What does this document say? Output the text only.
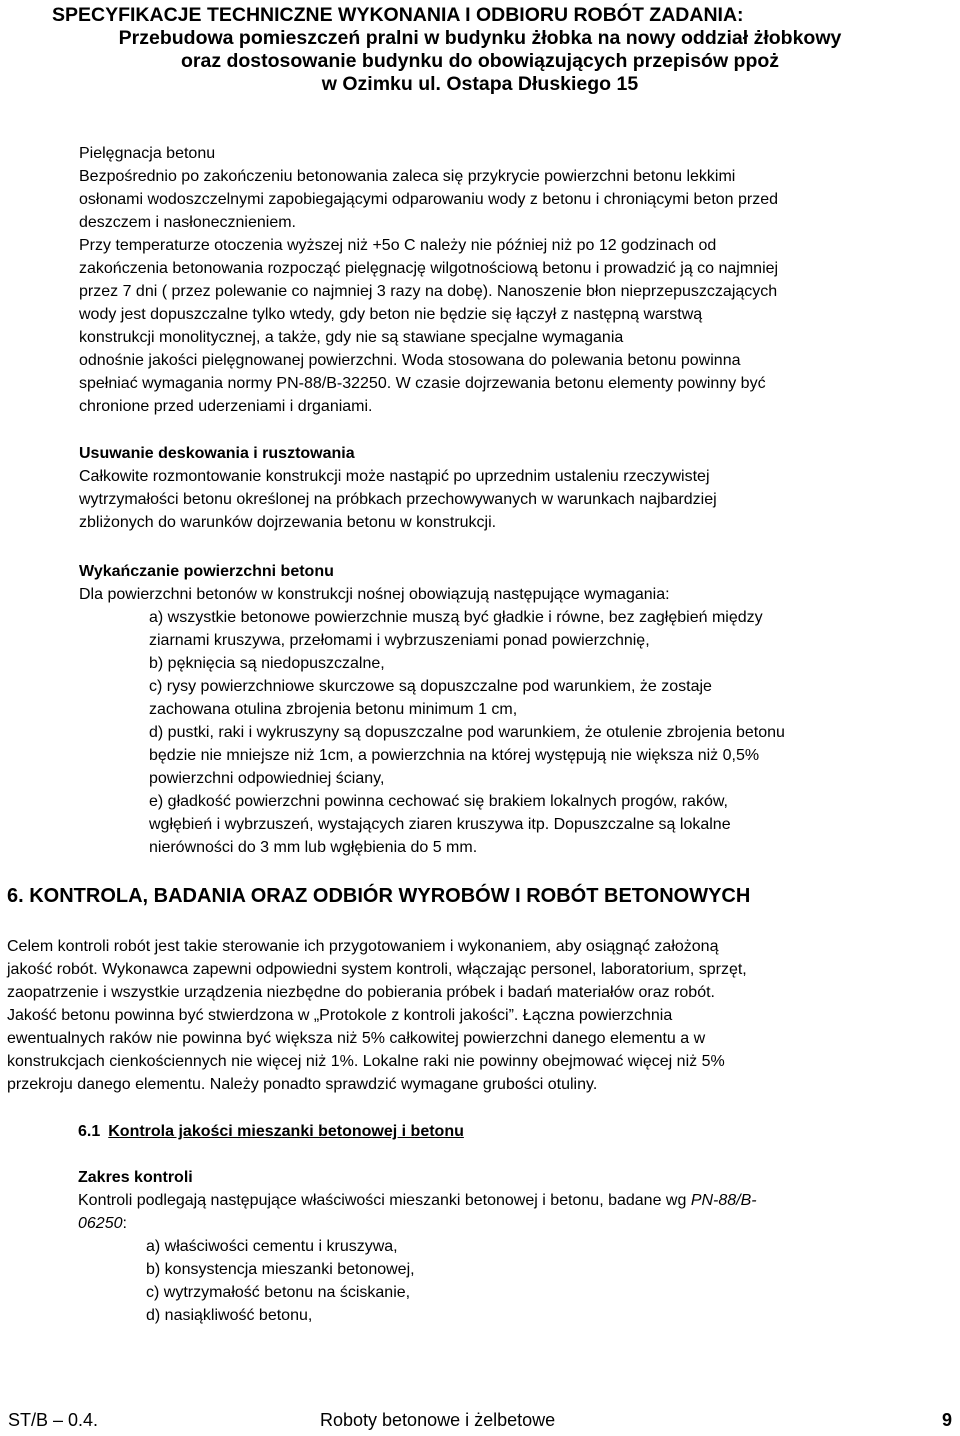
SPECYFIKACJE TECHNICZNE WYKONANIA I ODBIORU ROBÓT ZADANIA:
Przebudowa pomieszczeń pralni w budynku żłobka na nowy oddział żłobkowy
oraz dostosowanie budynku do obowiązujących przepisów ppoż
w Ozimku ul. Ostapa Dłuskiego 15

Pielęgnacja betonu

Bezpośrednio po zakończeniu betonowania zaleca się przykrycie powierzchni betonu lekkimi

osłonami wodoszczelnymi zapobiegającymi odparowaniu wody z betonu i chroniącymi beton przed

deszczem i nasłonecznieniem.

Przy temperaturze otoczenia wyższej niż +5o C należy nie później niż po 12 godzinach od

zakończenia betonowania rozpocząć pielęgnację wilgotnościową betonu i prowadzić ją co najmniej

przez 7 dni ( przez polewanie co najmniej 3 razy na dobę). Nanoszenie błon nieprzepuszczających

wody jest dopuszczalne tylko wtedy, gdy beton nie będzie się łączył z następną warstwą

konstrukcji monolitycznej, a także, gdy nie są stawiane specjalne wymagania

odnośnie jakości pielęgnowanej powierzchni. Woda stosowana do polewania betonu powinna

spełniać wymagania normy PN-88/B-32250. W czasie dojrzewania betonu elementy powinny być

chronione przed uderzeniami i drganiami.

Usuwanie deskowania i rusztowania

Całkowite rozmontowanie konstrukcji może nastąpić po uprzednim ustaleniu rzeczywistej

wytrzymałości betonu określonej na próbkach przechowywanych w warunkach najbardziej

zbliżonych do warunków dojrzewania betonu w konstrukcji.

Wykańczanie powierzchni betonu

Dla powierzchni betonów w konstrukcji nośnej obowiązują następujące wymagania:

a) wszystkie betonowe powierzchnie muszą być gładkie i równe, bez zagłębień między

ziarnami kruszywa, przełomami i wybrzuszeniami ponad powierzchnię,

b) pęknięcia są niedopuszczalne,

c) rysy powierzchniowe skurczowe są dopuszczalne pod warunkiem, że zostaje

zachowana otulina zbrojenia betonu minimum 1 cm,

d) pustki, raki i wykruszyny są dopuszczalne pod warunkiem, że otulenie zbrojenia betonu

będzie nie mniejsze niż 1cm, a powierzchnia na której występują nie większa niż 0,5%

powierzchni odpowiedniej ściany,

e) gładkość powierzchni powinna cechować się brakiem lokalnych progów, raków,

wgłębień i wybrzuszeń, wystających ziaren kruszywa itp. Dopuszczalne są lokalne

nierówności do 3 mm lub wgłębienia do 5 mm.

6. KONTROLA, BADANIA ORAZ ODBIÓR WYROBÓW I ROBÓT BETONOWYCH

Celem kontroli robót jest takie sterowanie ich przygotowaniem i wykonaniem, aby osiągnąć założoną

jakość robót. Wykonawca zapewni odpowiedni system kontroli, włączając personel, laboratorium, sprzęt,

zaopatrzenie i wszystkie urządzenia niezbędne do pobierania próbek i badań materiałów oraz robót.

Jakość betonu powinna być stwierdzona w „Protokole z kontroli jakości”. Łączna powierzchnia

ewentualnych raków nie powinna być większa niż 5% całkowitej powierzchni danego elementu a w

konstrukcjach cienkościennych nie więcej niż 1%. Lokalne raki nie powinny obejmować więcej niż 5%

przekroju danego elementu. Należy ponadto sprawdzić wymagane grubości otuliny.

6.1 Kontrola jakości mieszanki betonowej i betonu

Zakres kontroli

Kontroli podlegają następujące właściwości mieszanki betonowej i betonu, badane wg PN-88/B-

06250:

a) właściwości cementu i kruszywa,

b) konsystencja mieszanki betonowej,

c) wytrzymałość betonu na ściskanie,

d) nasiąkliwość betonu,

ST/B – 0.4.	Roboty betonowe i żelbetowe	9
